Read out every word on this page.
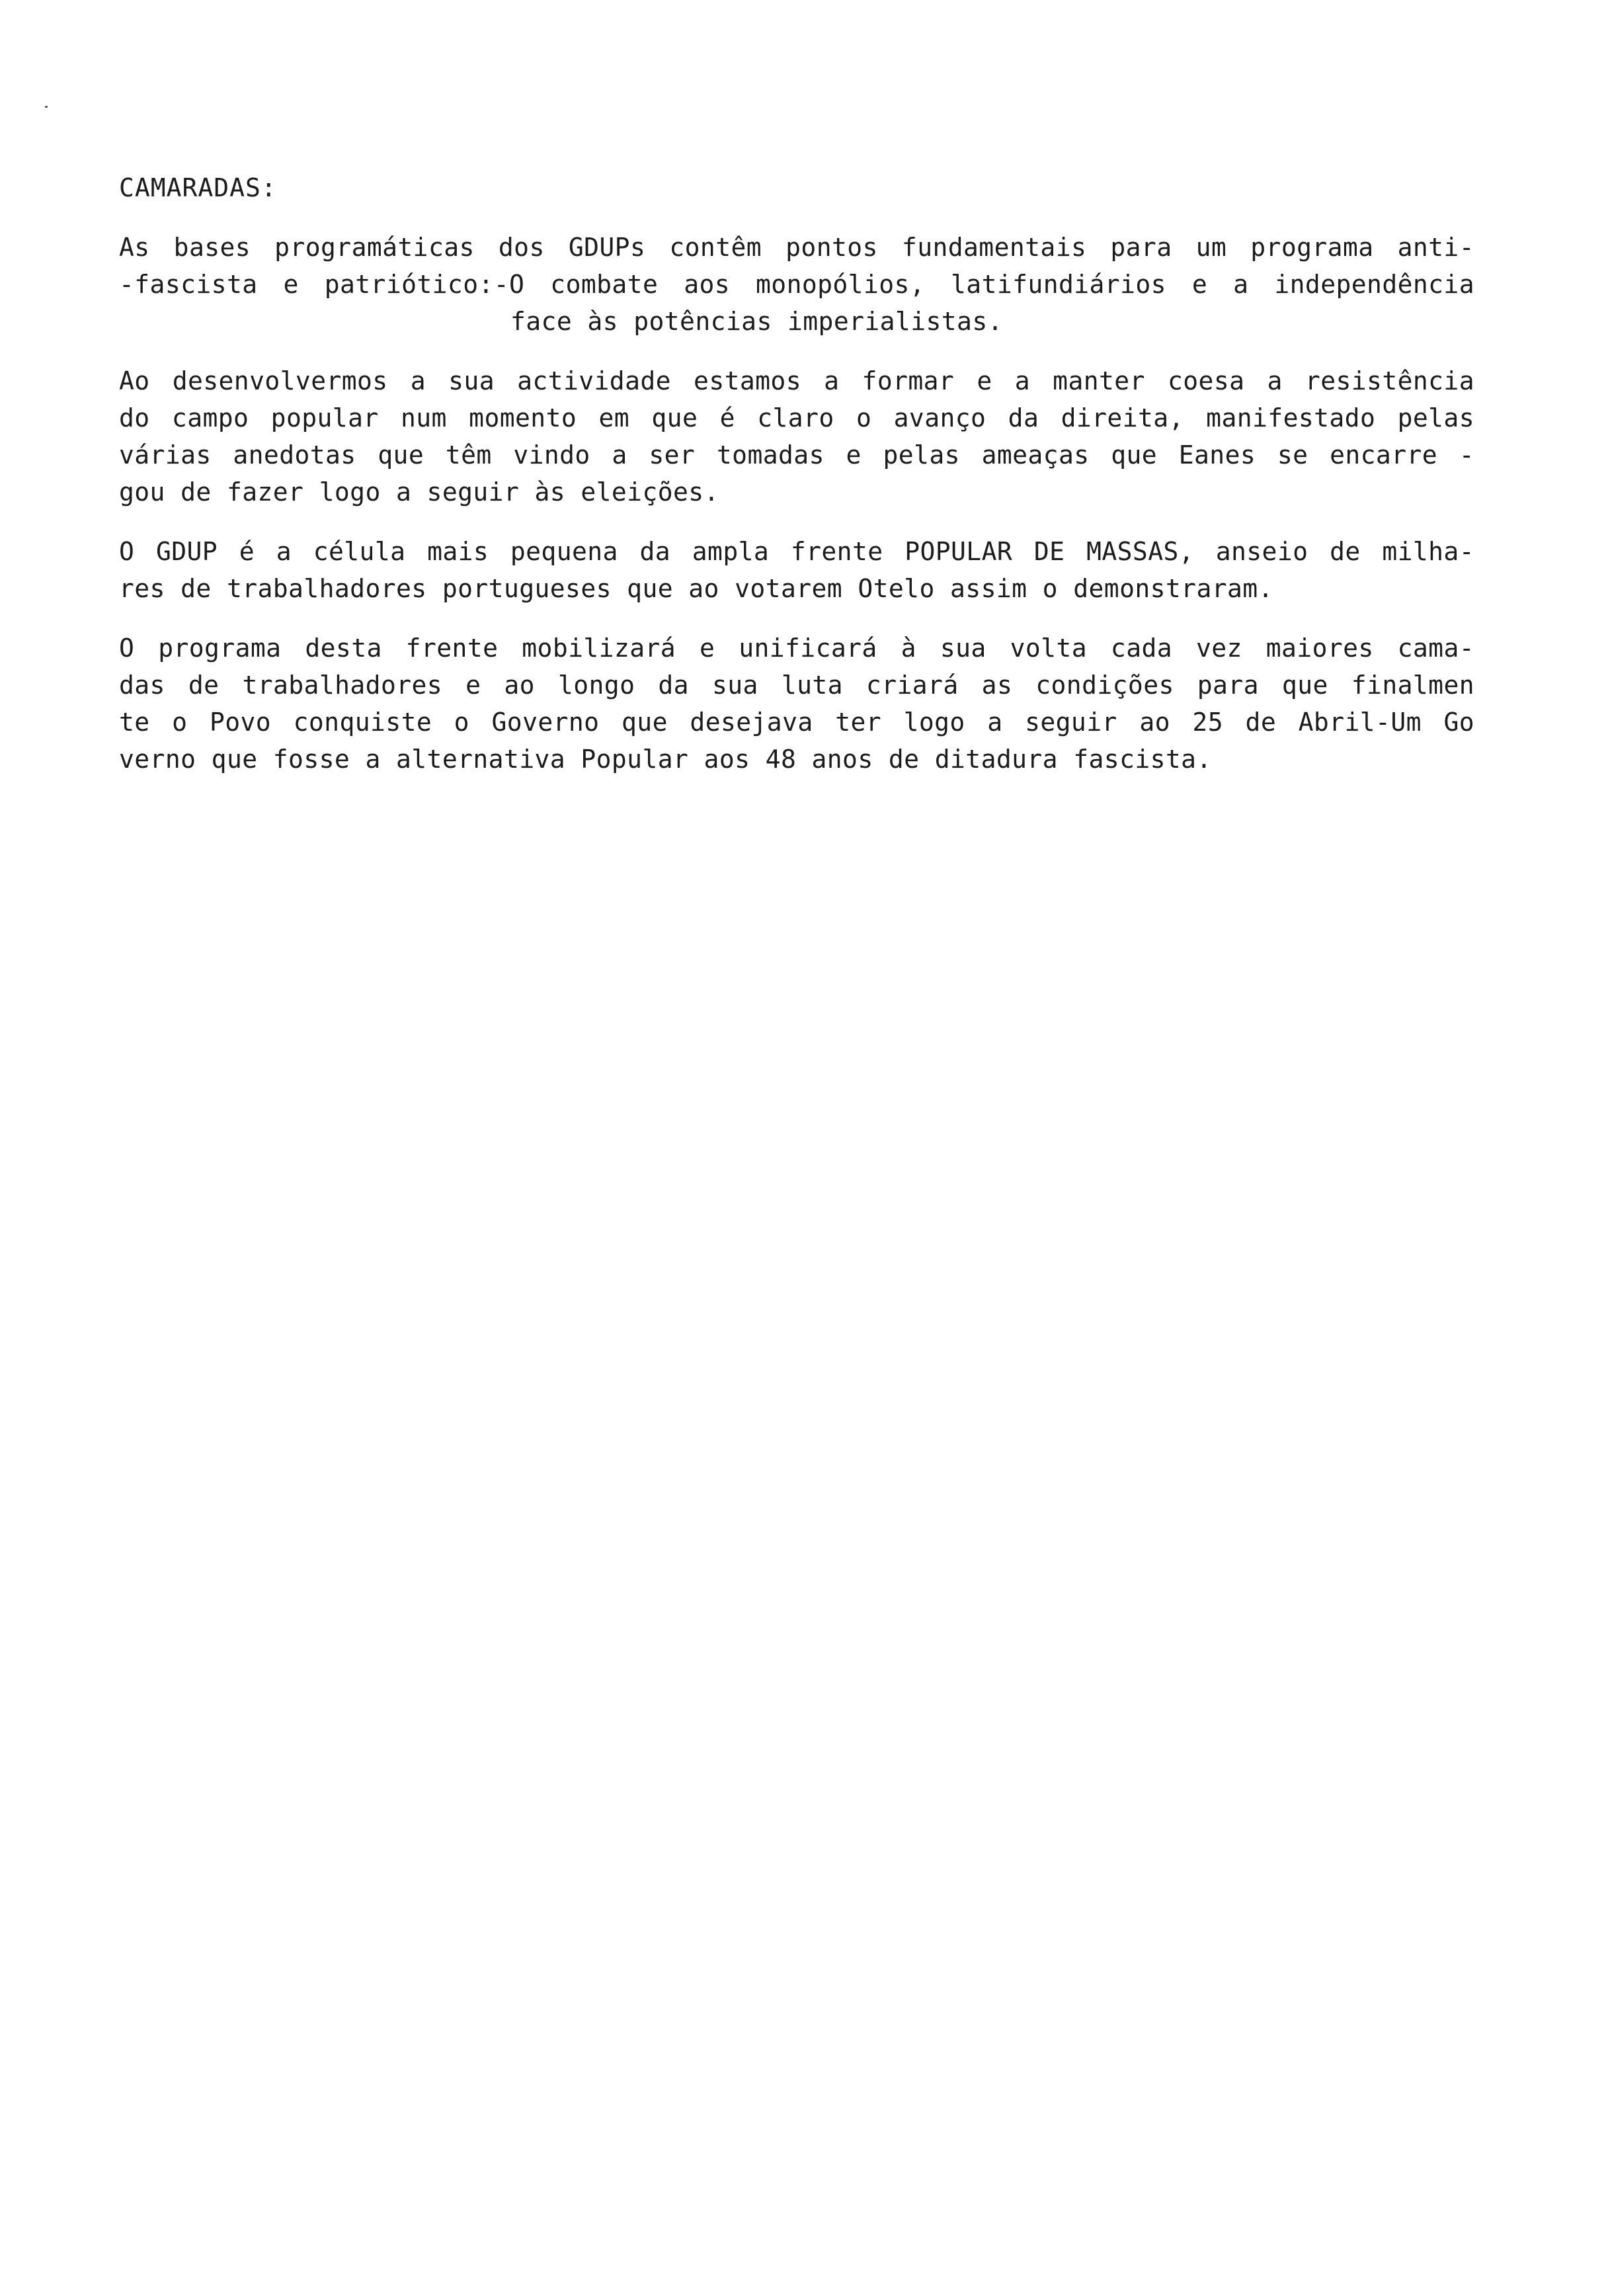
CAMARADAS:
As bases programáticas dos GDUPs contêm pontos fundamentais para um programa anti-
-fascista e patriótico:-O combate aos monopólios, latifundiários e a independência
face às potências imperialistas.
Ao desenvolvermos a sua actividade estamos a formar e a manter coesa a resistência
do campo popular num momento em que é claro o avanço da direita, manifestado pelas
várias anedotas que têm vindo a ser tomadas e pelas ameaças que Eanes se encarre -
gou de fazer logo a seguir às eleições.
O GDUP é a célula mais pequena da ampla frente POPULAR DE MASSAS, anseio de milha-
res de trabalhadores portugueses que ao votarem Otelo assim o demonstraram.
O programa desta frente mobilizará e unificará à sua volta cada vez maiores cama-
das de trabalhadores e ao longo da sua luta criará as condições para que finalmen
te o Povo conquiste o Governo que desejava ter logo a seguir ao 25 de Abril-Um Go
verno que fosse a alternativa Popular aos 48 anos de ditadura fascista.
